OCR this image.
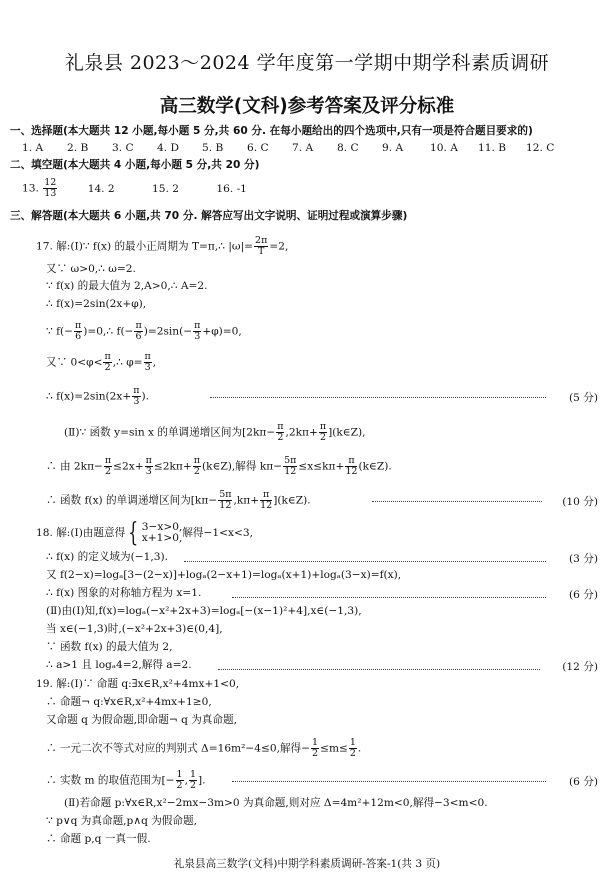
礼泉县 2023～2024 学年度第一学期中期学科素质调研
高三数学(文科)参考答案及评分标准
一、选择题(本大题共 12 小题,每小题 5 分,共 60 分. 在每小题给出的四个选项中,只有一项是符合题目要求的)
1. A 2. B 3. C 4. D 5. B 6. C 7. A 8. C 9. A	10. A 11. B 12. C
二、填空题(本大题共 4 小题,每小题 5 分,共 20 分)
13. $\frac{12}{13}$	14. 2	15. 2	16. -1
三、解答题(本大题共 6 小题,共 70 分. 解答应写出文字说明、证明过程或演算步骤)
17. 解:(Ⅰ)∵ f(x) 的最小正周期为 T=π,∴ $|\omega|= \frac{2\pi}{T} =2$,
又∵ ω>0,∴ ω=2.
∵ f(x) 的最大值为 2,A>0,∴ A=2.
∴ f(x)=2sin(2x+φ),
∵ $f(- \frac{\pi}{6}$ )=0,∴ $f(- \frac{\pi}{6} )=2\sin(- \frac{\pi}{3} +\varphi)=0$,
又∵ $0<\varphi< \frac{\pi}{2}$ ,∴ $\varphi= \frac{\pi}{3}$ ,
∴ $f(x)=2\sin(2x+ \frac{\pi}{3}$ ).	(5 分)
(Ⅱ)∵ 函数 y=sin x 的单调递增区间为[$2k\pi- \frac{\pi}{2} ,2k\pi+ \frac{\pi}{2}$ ](k∈Z),
∴ 由 $2k\pi- \frac{\pi}{2} \le 2x+ \frac{\pi}{3} \le 2k\pi+ \frac{\pi}{2}$ (k∈Z),解得 $k\pi- \frac{5\pi}{12} \le x\le k\pi+ \frac{\pi}{12}$ (k∈Z).
∴ 函数 f(x) 的单调递增区间为[$k\pi- \frac{5\pi}{12} ,k\pi+ \frac{\pi}{12}$ ](k∈Z).	(10 分)
18. 解:(Ⅰ)由题意得 { 3−x>0,
x+1>0, 解得−1<x<3,
∴ f(x) 的定义域为(−1,3).	(3 分)
又 f(2−x)=logₐ[3−(2−x)]+logₐ(2−x+1)=logₐ(x+1)+logₐ(3−x)=f(x),
∴ f(x) 图象的对称轴方程为 x=1.	(6 分)
(Ⅱ)由(Ⅰ)知,f(x)=logₐ(−x²+2x+3)=logₐ[−(x−1)²+4],x∈(−1,3),
当 x∈(−1,3)时,(−x²+2x+3)∈(0,4],
∵ 函数 f(x) 的最大值为 2,
∴ a>1 且 logₐ4=2,解得 a=2.	(12 分)
19. 解:(Ⅰ)∵ 命题 q:∃x∈R,x²+4mx+1<0,
∴ 命题¬ q:∀x∈R,x²+4mx+1≥0,
又命题 q 为假命题,即命题¬ q 为真命题,
∴ 一元二次不等式对应的判别式 Δ=16m²−4≤0,解得− $\frac{1}{2} \le m\le \frac{1}{2}$ .
∴ 实数 m 的取值范围为[− $\frac{1}{2}$ , $\frac{1}{2}$ ].	(6 分)
(Ⅱ)若命题 p:∀x∈R,x²−2mx−3m>0 为真命题,则对应 Δ=4m²+12m<0,解得−3<m<0.
∵ p∨q 为真命题,p∧q 为假命题,
∴ 命题 p,q 一真一假.
礼泉县高三数学(文科)中期学科素质调研-答案-1(共 3 页)
